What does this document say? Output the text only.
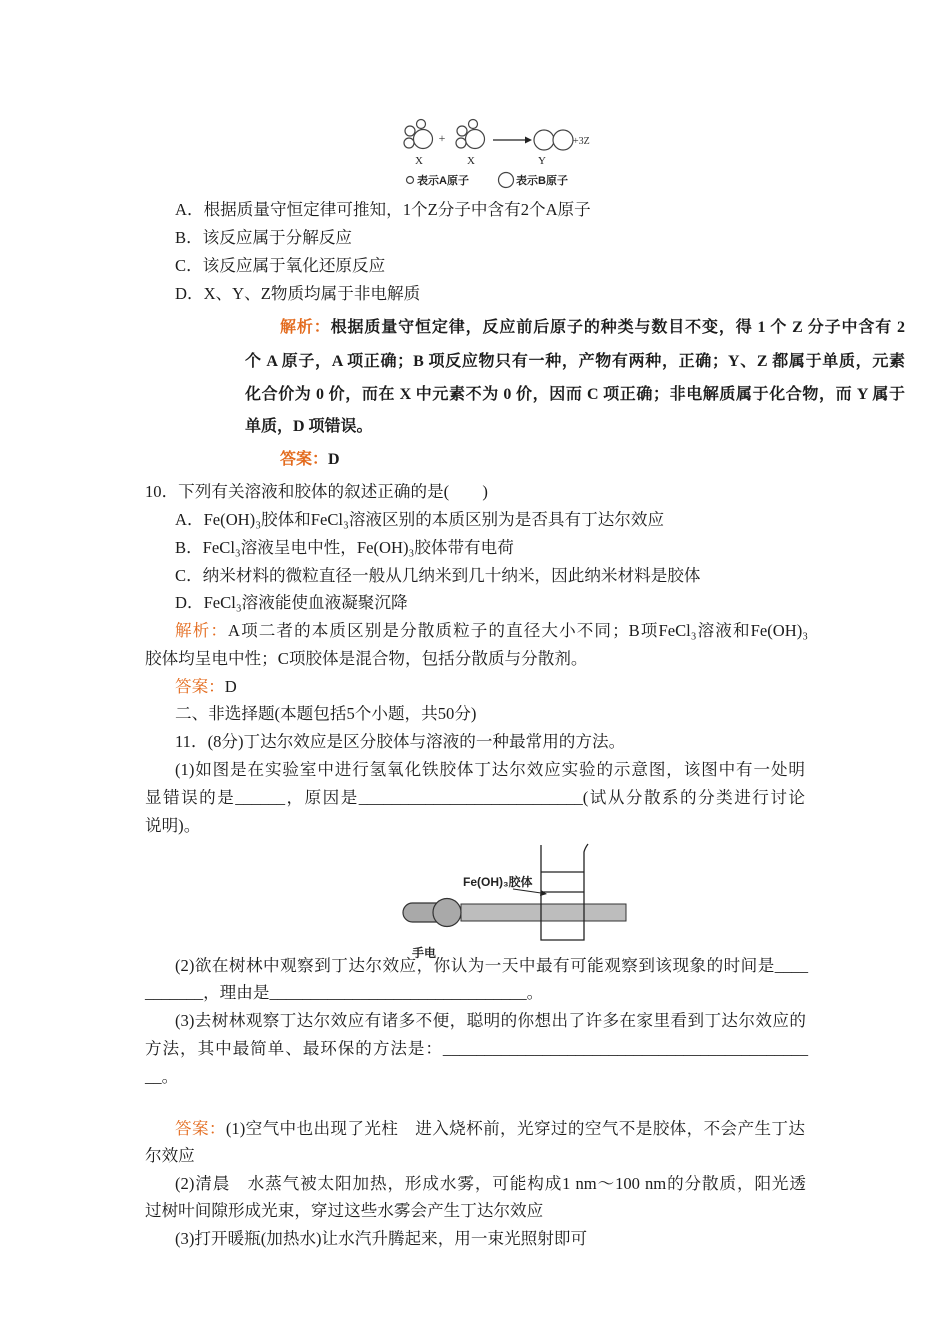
+	+3Z
X	X	Y
表示A原子	表示B原子
A．根据质量守恒定律可推知，1个Z分子中含有2个A原子
B．该反应属于分解反应
C．该反应属于氧化还原反应
D．X、Y、Z物质均属于非电解质
解析：根据质量守恒定律，反应前后原子的种类与数目不变，得 1 个 Z 分子中含有 2
个 A 原子，A 项正确；B 项反应物只有一种，产物有两种，正确；Y、Z 都属于单质，元素
化合价为 0 价，而在 X 中元素不为 0 价，因而 C 项正确；非电解质属于化合物，而 Y 属于
单质，D 项错误。
答案：D
10．下列有关溶液和胶体的叙述正确的是(　　)
A．Fe(OH)₃胶体和FeCl₃溶液区别的本质区别为是否具有丁达尔效应
B．FeCl₃溶液呈电中性，Fe(OH)₃胶体带有电荷
C．纳米材料的微粒直径一般从几纳米到几十纳米，因此纳米材料是胶体
D．FeCl₃溶液能使血液凝聚沉降
解析：A项二者的本质区别是分散质粒子的直径大小不同；B项FeCl₃溶液和Fe(OH)₃
胶体均呈电中性；C项胶体是混合物，包括分散质与分散剂。
答案：D
二、非选择题(本题包括5个小题，共50分)
11．(8分)丁达尔效应是区分胶体与溶液的一种最常用的方法。
(1)如图是在实验室中进行氢氧化铁胶体丁达尔效应实验的示意图，该图中有一处明
显错误的是______，原因是___________________________(试从分散系的分类进行讨论
说明)。
Fe(OH)₃胶体
手电
(2)欲在树林中观察到丁达尔效应，你认为一天中最有可能观察到该现象的时间是____
_______，理由是_______________________________。
(3)去树林观察丁达尔效应有诸多不便，聪明的你想出了许多在家里看到丁达尔效应的
方法，其中最简单、最环保的方法是：____________________________________________
__。
答案：(1)空气中也出现了光柱　进入烧杯前，光穿过的空气不是胶体，不会产生丁达
尔效应
(2)清晨　水蒸气被太阳加热，形成水雾，可能构成1 nm～100 nm的分散质，阳光透
过树叶间隙形成光束，穿过这些水雾会产生丁达尔效应
(3)打开暖瓶(加热水)让水汽升腾起来，用一束光照射即可
